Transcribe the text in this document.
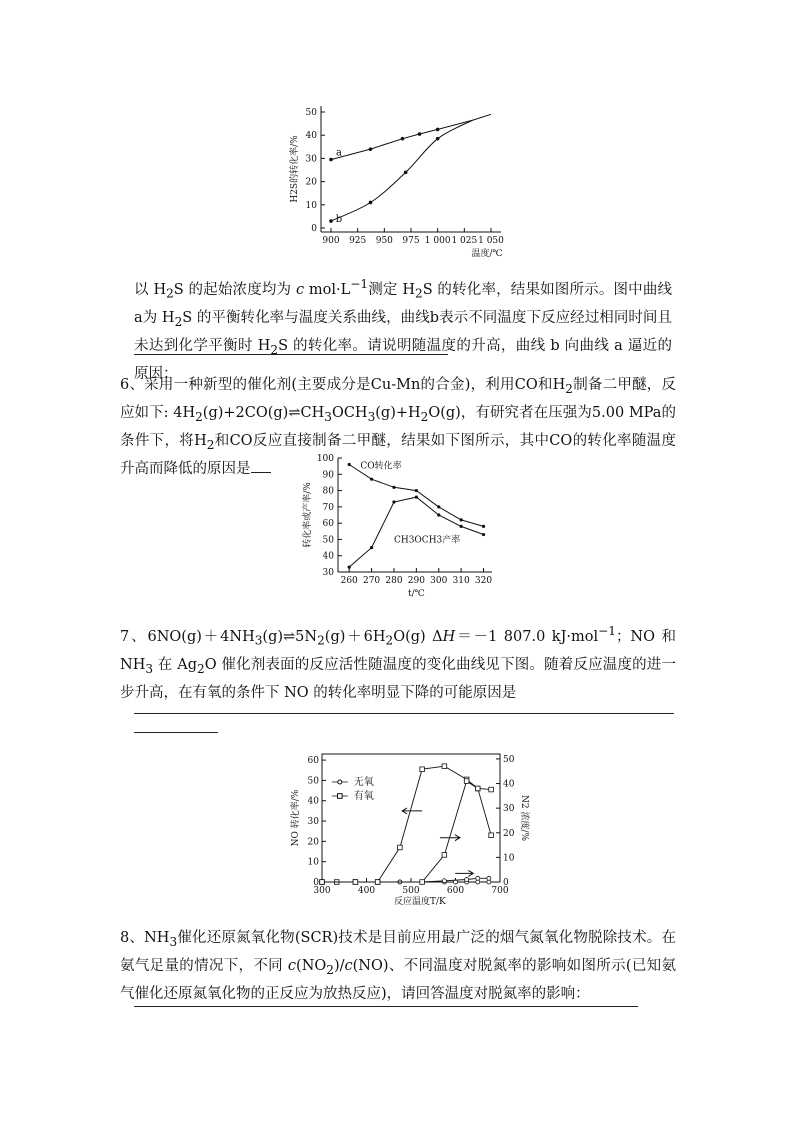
0
10
20
30
40
50
900 925 950 975 1 000 1 025 1 050
温度/℃
H2S的转化率/%	a
b

以 $H_2S$ 的起始浓度均为 c $mol\cdot L^{-1}$测定 $H_2S$ 的转化率，结果如图所示。图中曲线a为 $H_2S$ 的平衡转化率与温度关系曲线，曲线b表示不同温度下反应经过相同时间且未达到化学平衡时 $H_2S$ 的转化率。请说明随温度的升高，曲线 b 向曲线 a 逼近的原因：

6、采用一种新型的催化剂(主要成分是Cu-Mn的合金)，利用CO和$H_2$制备二甲醚，反应如下: $4H_2(g)+2CO(g)\rightleftharpoons CH_3OCH_3(g)+H_2O(g)$，有研究者在压强为5.00 MPa的条件下，将$H_2$和CO反应直接制备二甲醚，结果如下图所示，其中CO的转化率随温度升高而降低的原因是

30
40
50
60
70
80
90
100
260 270 280 290 300 310 320
t/℃
转化率或产率/%
CO转化率
CH3OCH3产率

7、$6NO(g)+4NH_3(g)\rightleftharpoons 5N_2(g)+6H_2O(g)$ ΔH＝－1 807.0 kJ·mol$^{-1}$；NO 和 $NH_3$ 在 $Ag_2O$ 催化剂表面的反应活性随温度的变化曲线见下图。随着反应温度的进一步升高，在有氧的条件下 NO 的转化率明显下降的可能原因是

0
10
20
30
40
50
60
0
10
20
30
40
50
300	400	500	600	700
反应温度T/K
NO 转化率/%	N2 浓度/%
无氧
有氧

8、$NH_3$催化还原氮氧化物(SCR)技术是目前应用最广泛的烟气氮氧化物脱除技术。在氨气足量的情况下，不同 $c(NO_2)/c(NO)$、不同温度对脱氮率的影响如图所示(已知氨气催化还原氮氧化物的正反应为放热反应)，请回答温度对脱氮率的影响：
